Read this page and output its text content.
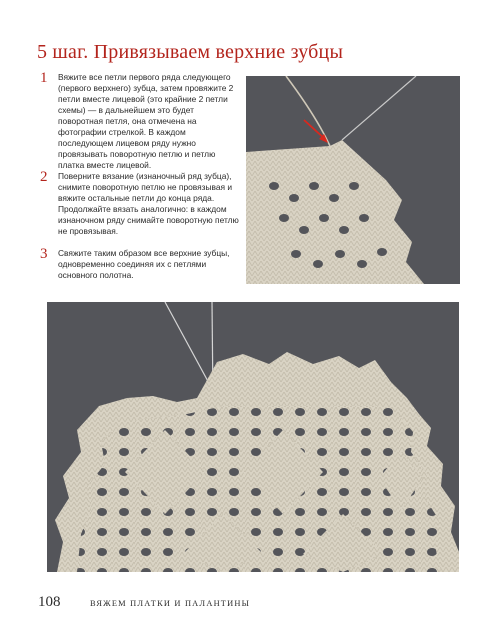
5 шаг. Привязываем верхние зубцы
1 Вяжите все петли первого ряда следующего (первого верхнего) зубца, затем провяжите 2 петли вместе лицевой (это крайние 2 петли схемы) — в дальнейшем это будет поворотная петля, она отмечена на фотографии стрелкой. В каждом последующем лицевом ряду нужно провязывать поворотную петлю и петлю платка вместе лицевой.
2 Поверните вязание (изнаночный ряд зубца), снимите поворотную петлю не провязывая и вяжите остальные петли до конца ряда. Продолжайте вязать аналогично: в каждом изнаночном ряду снимайте поворотную петлю не провязывая.
3 Свяжите таким образом все верхние зубцы, одновременно соединяя их с петлями основного полотна.
108	ВЯЖЕМ ПЛАТКИ И ПАЛАНТИНЫ
